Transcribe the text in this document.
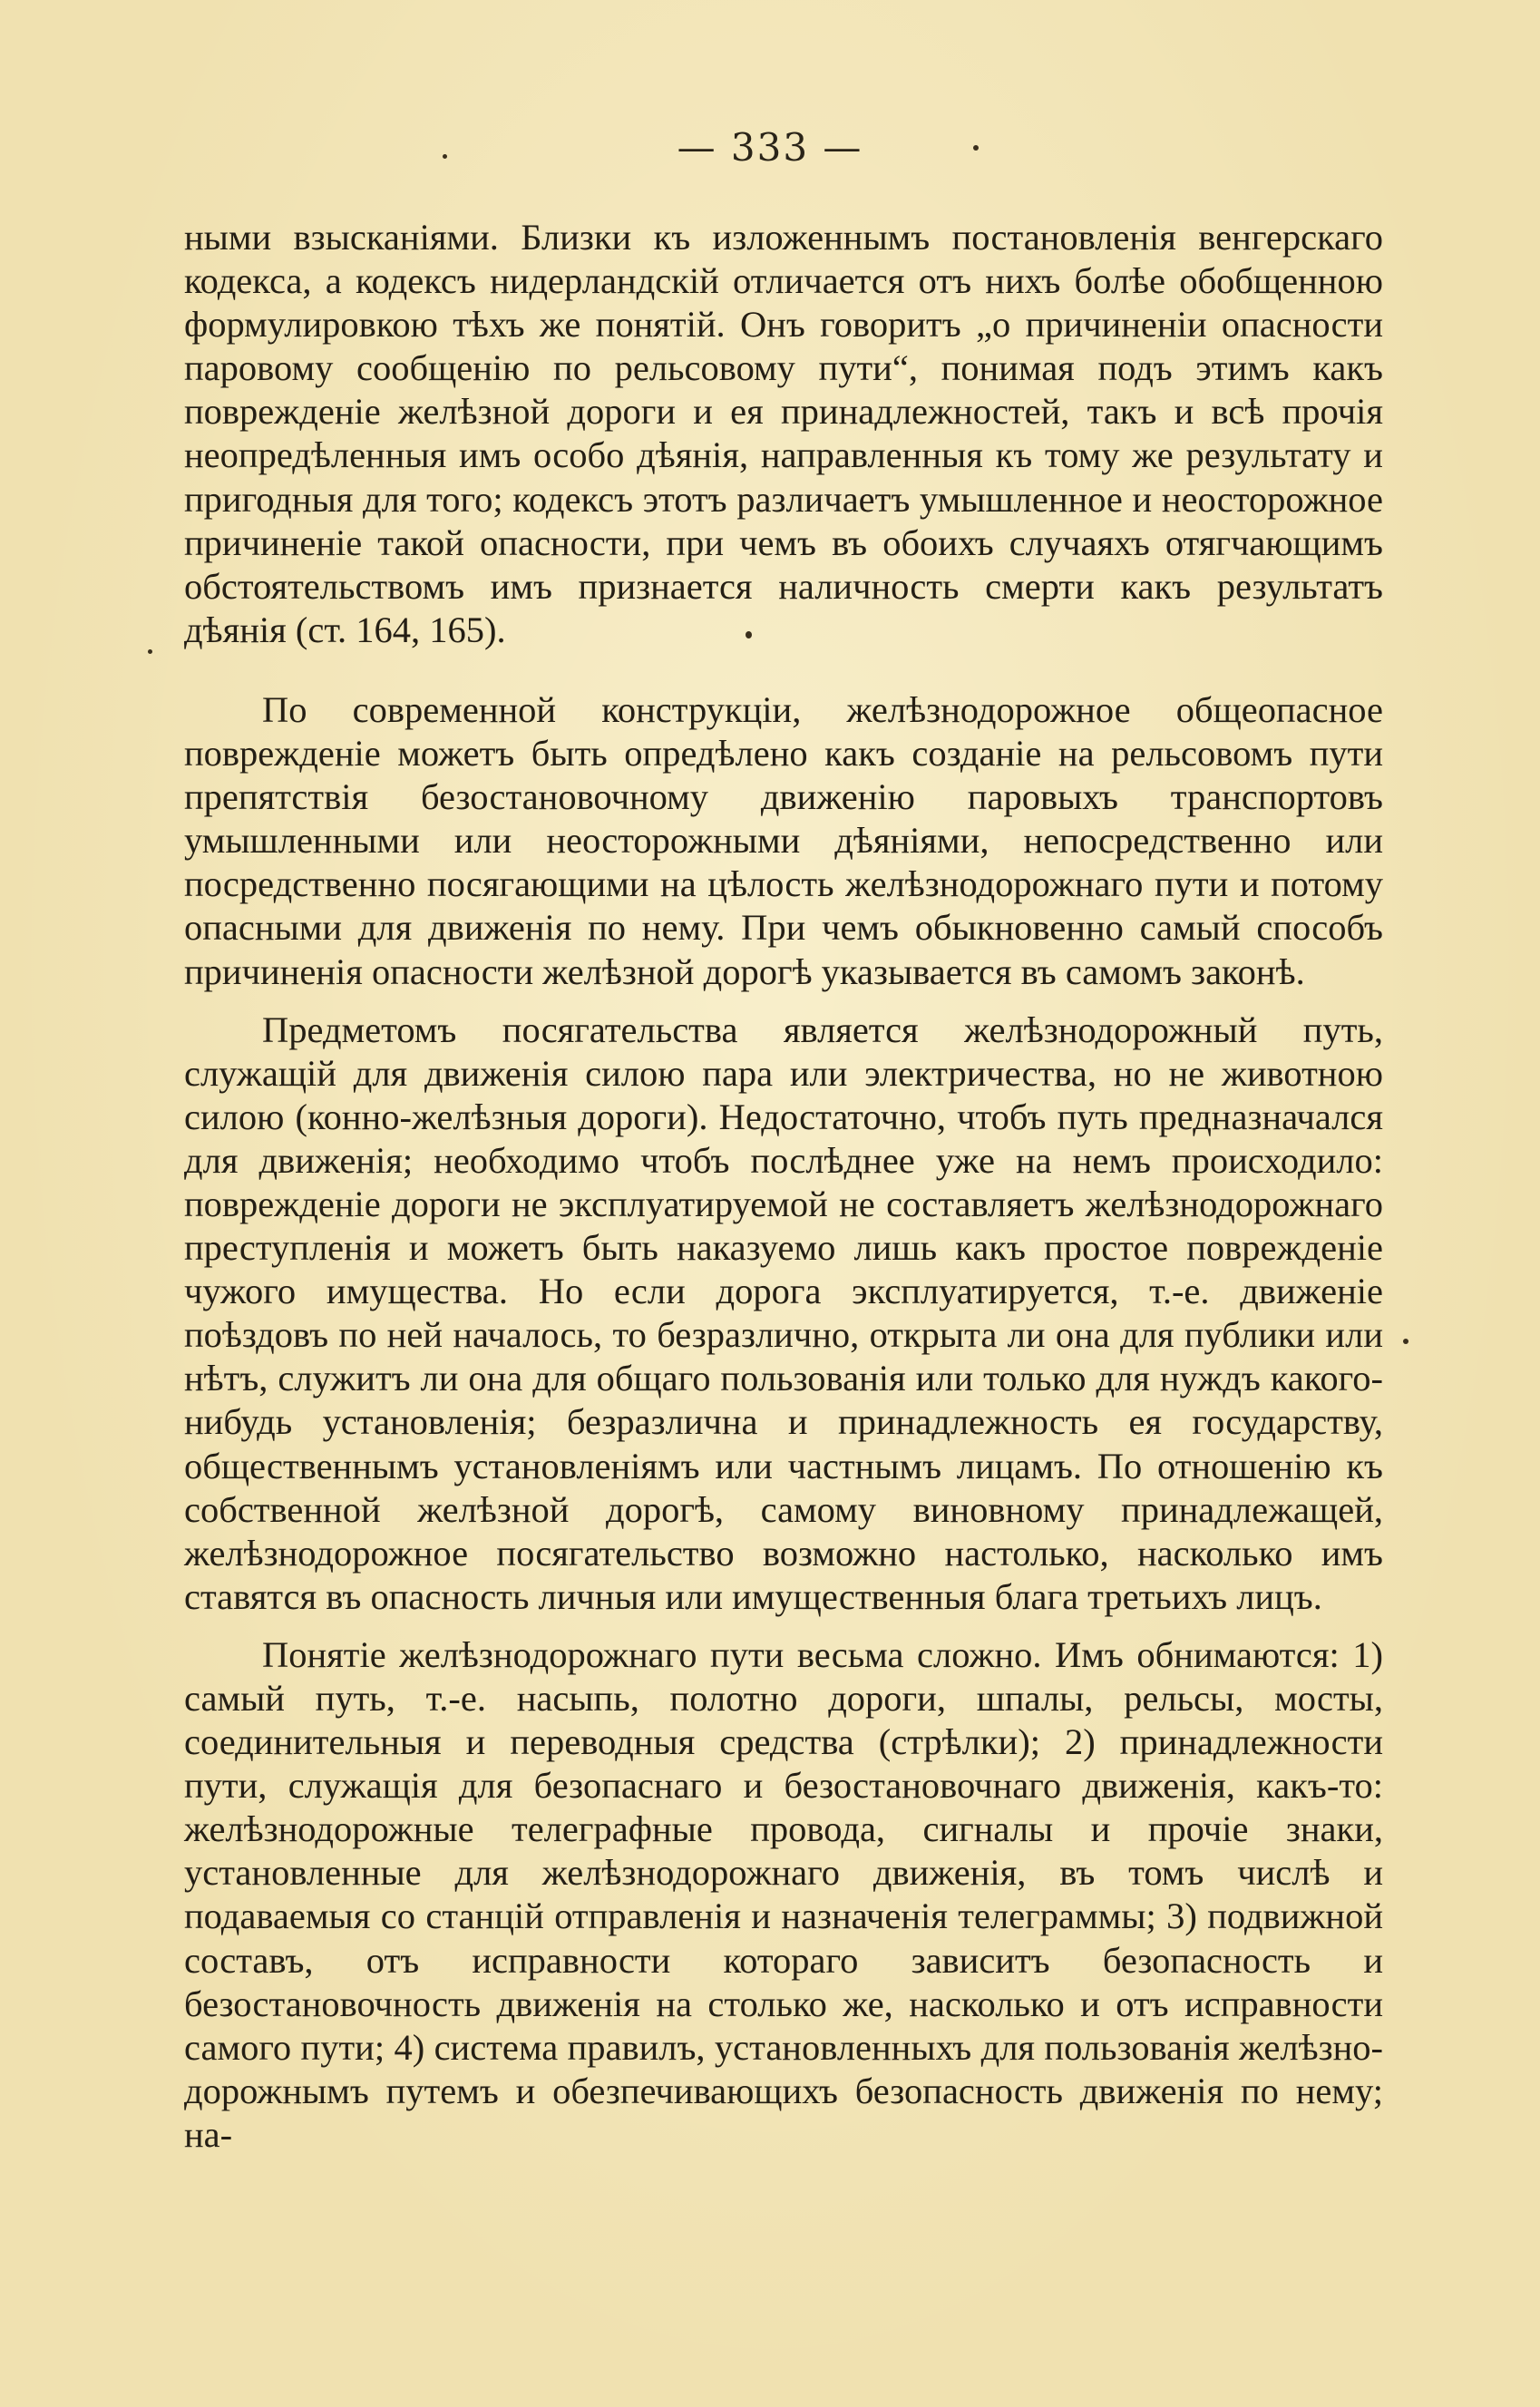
— 333 —

ными взысканіями. Близки къ изложеннымъ постановленія венгерскаго кодекса, а кодексъ нидерландскій отличается отъ нихъ болѣе обобщенною формулировкою тѣхъ же понятій. Онъ говоритъ „о причиненіи опасности паровому сообщенію по рельсовому пути“, понимая подъ этимъ какъ поврежденіе желѣзной дороги и ея принадлежностей, такъ и всѣ прочія неопредѣленныя имъ особо дѣянія, направленныя къ тому же результату и пригодныя для того; кодексъ этотъ различаетъ умышленное и неосторожное причиненіе такой опасности, при чемъ въ обоихъ случаяхъ отягчающимъ обстоятельствомъ имъ признается наличность смерти какъ результатъ дѣянія (ст. 164, 165).

По современной конструкціи, желѣзнодорожное общеопасное поврежденіе можетъ быть опредѣлено какъ созданіе на рельсовомъ пути препятствія безостановочному движенію паровыхъ транспортовъ умышленными или неосторожными дѣяніями, непосредственно или посредственно посягающими на цѣлость желѣзнодорожнаго пути и потому опасными для движенія по нему. При чемъ обыкновенно самый способъ причиненія опасности желѣзной дорогѣ указывается въ самомъ законѣ.

Предметомъ посягательства является желѣзнодорожный путь, служащій для движенія силою пара или электричества, но не животною силою (конно-желѣзныя дороги). Недостаточно, чтобъ путь предназначался для движенія; необходимо чтобъ послѣднее уже на немъ происходило: поврежденіе дороги не эксплуатируемой не составляетъ желѣзнодорожнаго преступленія и можетъ быть наказуемо лишь какъ простое поврежденіе чужого имущества. Но если дорога эксплуатируется, т.-е. движеніе поѣздовъ по ней началось, то безразлично, открыта ли она для публики или нѣтъ, служитъ ли она для общаго пользованія или только для нуждъ какого-нибудь установленія; безразлична и принадлежность ея государству, общественнымъ установленіямъ или частнымъ лицамъ. По отношенію къ собственной желѣзной дорогѣ, самому виновному принадлежащей, желѣзнодорожное посягательство возможно настолько, насколько имъ ставятся въ опасность личныя или имущественныя блага третьихъ лицъ.

Понятіе желѣзнодорожнаго пути весьма сложно. Имъ обнимаются: 1) самый путь, т.-е. насыпь, полотно дороги, шпалы, рельсы, мосты, соединительныя и переводныя средства (стрѣлки); 2) принадлежности пути, служащія для безопаснаго и безостановочнаго движенія, какъ-то: желѣзнодорожные телеграфные провода, сигналы и прочіе знаки, установленные для желѣзнодорожнаго движенія, въ томъ числѣ и подаваемыя со станцій отправленія и назначенія телеграммы; 3) подвижной составъ, отъ исправности котораго зависитъ безопасность и безостановочность движенія на столько же, насколько и отъ исправности самого пути; 4) система правилъ, установленныхъ для пользованія желѣзно-дорожнымъ путемъ и обезпечивающихъ безопасность движенія по нему; на-
